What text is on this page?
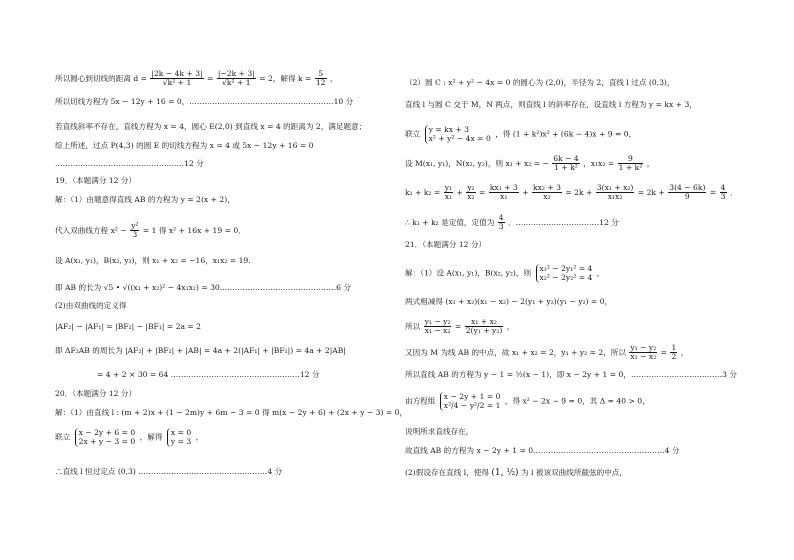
所以圆心到切线的距离 $d = \frac{|2k - 4k + 3|}{\text{√k² + 1}} = \frac{|-2k + 3|}{\text{√k² + 1}} = 2$，解得 $k = \frac{5}{12}$ ，
所以切线方程为 5x − 12y + 16 = 0，…………………………………………………10 分
若直线斜率不存在，直线方程为 x = 4，圆心 E(2,0) 到直线 x = 4 的距离为 2，满足题意；
综上所述，过点 P(4,3) 的圆 E 的切线方程为 x = 4 或 5x − 12y + 16 = 0
……………………………………………12 分
19．（本题满分 12 分）
解：（1）由题意得直线 AB 的方程为 y = 2(x + 2)，
代入双曲线方程 $x^2 - \frac{\text{y²}}{3} = 1$ 得 x² + 16x + 19 = 0．
设 A(x₁, y₁)，B(x₂, y₂)，则 x₁ + x₂ = −16，x₁x₂ = 19.
即 AB 的长为 √5 • √((x₁ + x₂)² − 4x₁x₂) = 30.………………………………………6 分
(2)由双曲线的定义得
|AF₂| − |AF₁| = |BF₂| − |BF₁| = 2a = 2
即 ΔF₂AB 的周长为 |AF₂| + |BF₂| + |AB| = 4a + 2(|AF₁| + |BF₁|) = 4a + 2|AB|
= 4 + 2 × 30 = 64 ……………………………………………12 分
20．（本题满分 12 分）
解：（1）由直线 l : (m + 2)x + (1 − 2m)y + 6m − 3 = 0 得 m(x − 2y + 6) + (2x + y − 3) = 0，
联立 x − 2y + 6 = 0
2x + y − 3 = 0
，解得 x = 0
y = 3
，
∴直线 l 恒过定点 (0,3) ……………………………………………4 分
（2）圆 C : x² + y² − 4x = 0 的圆心为 (2,0)，半径为 2，直线 l 过点 (0,3)，
直线 l 与圆 C 交于 M，N 两点，则直线 l 的斜率存在，设直线 l 方程为 y = kx + 3，
联立 y = kx + 3
x² + y² − 4x = 0
，得 (1 + k²)x² + (6k − 4)x + 9 = 0，
设 M(x₁, y₁)，N(x₂, y₂)，则 x₁ + x₂ = − $\frac{6k - 4}{\text{1 + k²}}$ ，$x_1x_2 = \frac{9}{\text{1 + k²}}$ ，
$k_1 + k_2 = \frac{\text{y₁}}{\text{x₁}} + \frac{\text{y₂}}{\text{x₂}} = \frac{\text{kx₁ + 3}}{\text{x₁}} + \frac{\text{kx₂ + 3}}{\text{x₂}} = 2k + \frac{\text{3(x₁ + x₂)}}{\text{x₁x₂}} = 2k + \frac{3(4 - 6k)}{9} = \frac{4}{3}$ ．
∴ k₁ + k₂ 是定值，定值为 $\frac{4}{3}$ ．……………………………12 分
21．（本题满分 12 分）
解：（1）设 A(x₁, y₁)，B(x₂, y₂)，则 x₁² − 2y₁² = 4
x₂² − 2y₂² = 4
，
两式相减得 (x₁ + x₂)(x₁ − x₂) − 2(y₁ + y₂)(y₁ − y₂) = 0，
所以 $\frac{\text{y₁ − y₂}}{\text{x₁ − x₂}} = \frac{\text{x₁ + x₂}}{\text{2(y₁ + y₂)}}$ ，
又因为 M 为线 AB 的中点，故 x₁ + x₂ = 2，y₁ + y₂ = 2，所以 $\frac{\text{y₁ − y₂}}{\text{x₁ − x₂}} = \frac{1}{2}$ ，
所以直线 AB 的方程为 y − 1 = ½(x − 1)，即 x − 2y + 1 = 0，………………………………3 分
由方程组 x − 2y + 1 = 0
x²/4 − y²/2 = 1
，得 x² − 2x − 9 = 0，其 Δ = 40 > 0，
说明所求直线存在，
故直线 AB 的方程为 x − 2y + 1 = 0.……………………………………………4 分
(2)假设存在直线 l，使得 (1, ½) 为 l 被该双曲线所截弦的中点，
